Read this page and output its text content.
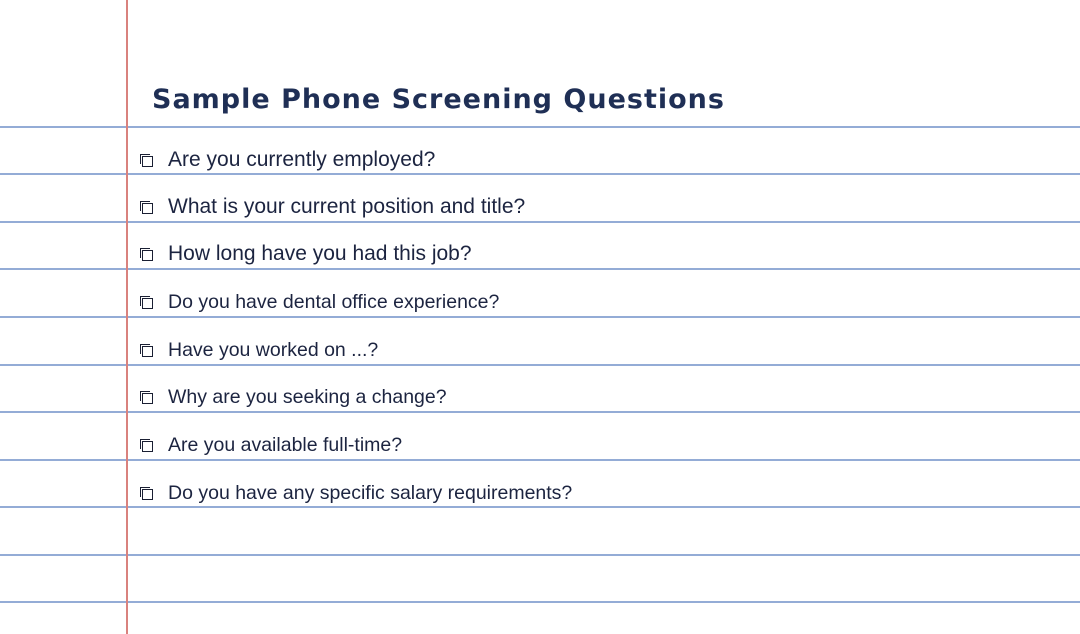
Sample Phone Screening Questions
Are you currently employed?
What is your current position and title?
How long have you had this job?
Do you have dental office experience?
Have you worked on ...?
Why are you seeking a change?
Are you available full-time?
Do you have any specific salary requirements?
